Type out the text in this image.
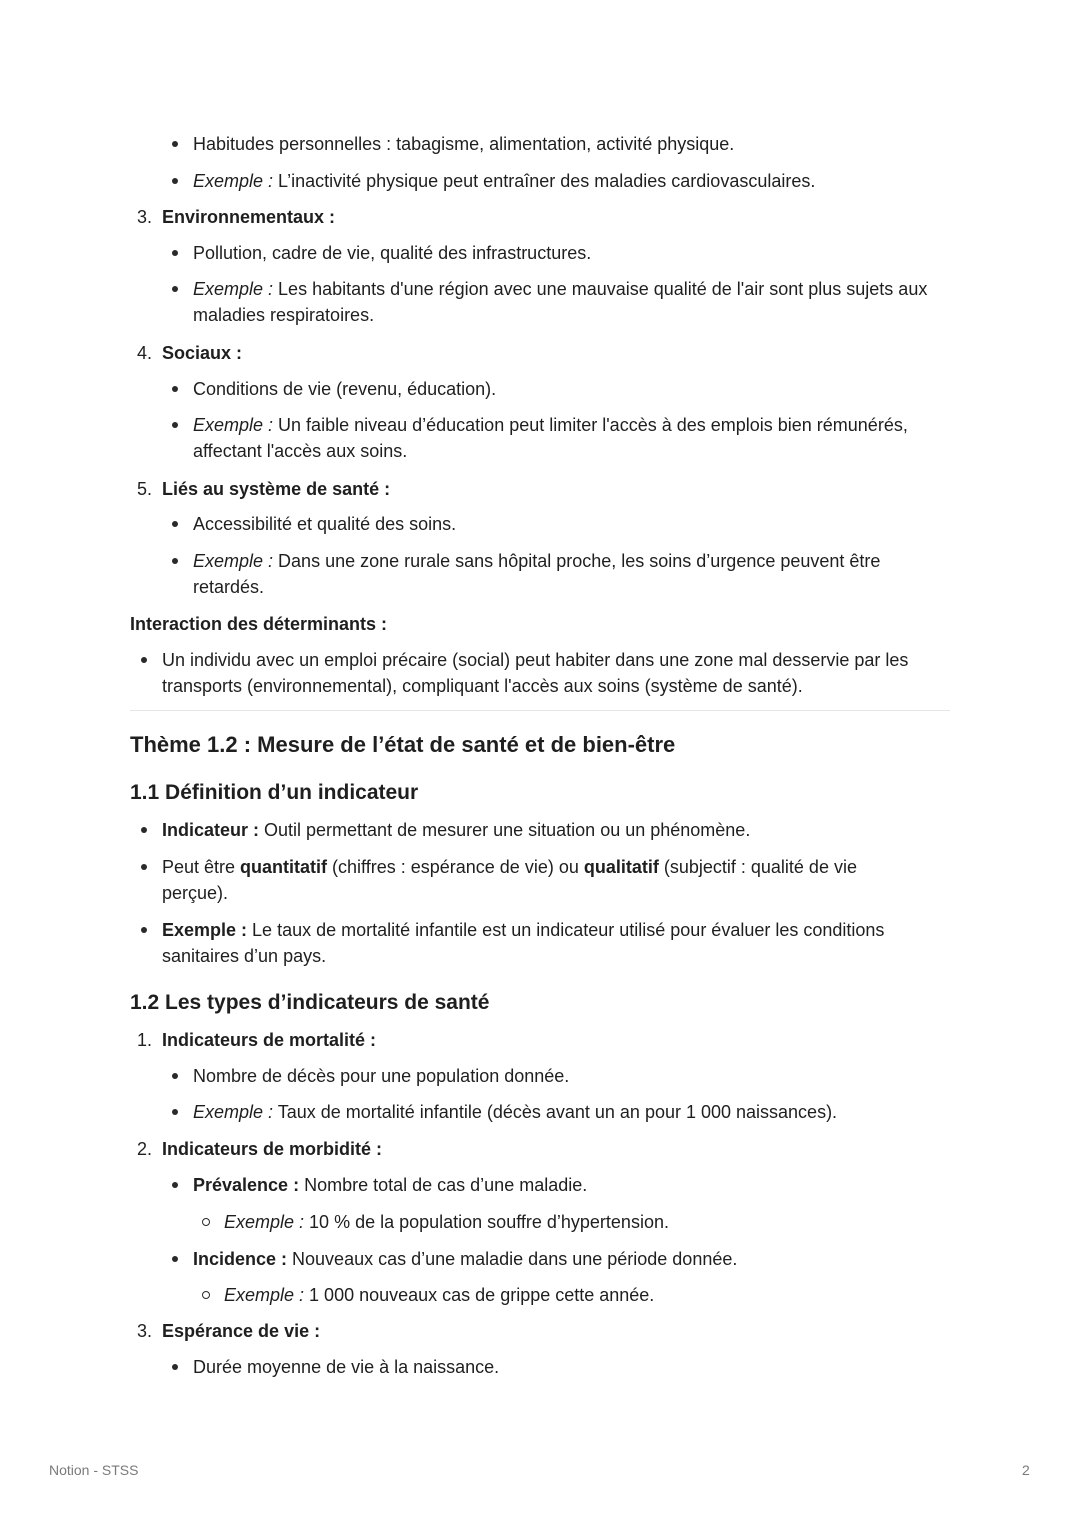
Habitudes personnelles : tabagisme, alimentation, activité physique.
Exemple : L’inactivité physique peut entraîner des maladies cardiovasculaires.
3. Environnementaux :
Pollution, cadre de vie, qualité des infrastructures.
Exemple : Les habitants d'une région avec une mauvaise qualité de l'air sont plus sujets aux
maladies respiratoires.
4. Sociaux :
Conditions de vie (revenu, éducation).
Exemple : Un faible niveau d’éducation peut limiter l'accès à des emplois bien rémunérés,
affectant l'accès aux soins.
5. Liés au système de santé :
Accessibilité et qualité des soins.
Exemple : Dans une zone rurale sans hôpital proche, les soins d’urgence peuvent être
retardés.
Interaction des déterminants :
Un individu avec un emploi précaire (social) peut habiter dans une zone mal desservie par les
transports (environnemental), compliquant l'accès aux soins (système de santé).
Thème 1.2 : Mesure de l’état de santé et de bien-être
1.1 Définition d’un indicateur
Indicateur : Outil permettant de mesurer une situation ou un phénomène.
Peut être quantitatif (chiffres : espérance de vie) ou qualitatif (subjectif : qualité de vie
perçue).
Exemple : Le taux de mortalité infantile est un indicateur utilisé pour évaluer les conditions
sanitaires d’un pays.
1.2 Les types d’indicateurs de santé
1. Indicateurs de mortalité :
Nombre de décès pour une population donnée.
Exemple : Taux de mortalité infantile (décès avant un an pour 1 000 naissances).
2. Indicateurs de morbidité :
Prévalence : Nombre total de cas d’une maladie.
Exemple : 10 % de la population souffre d’hypertension.
Incidence : Nouveaux cas d’une maladie dans une période donnée.
Exemple : 1 000 nouveaux cas de grippe cette année.
3. Espérance de vie :
Durée moyenne de vie à la naissance.
Notion - STSS	2
